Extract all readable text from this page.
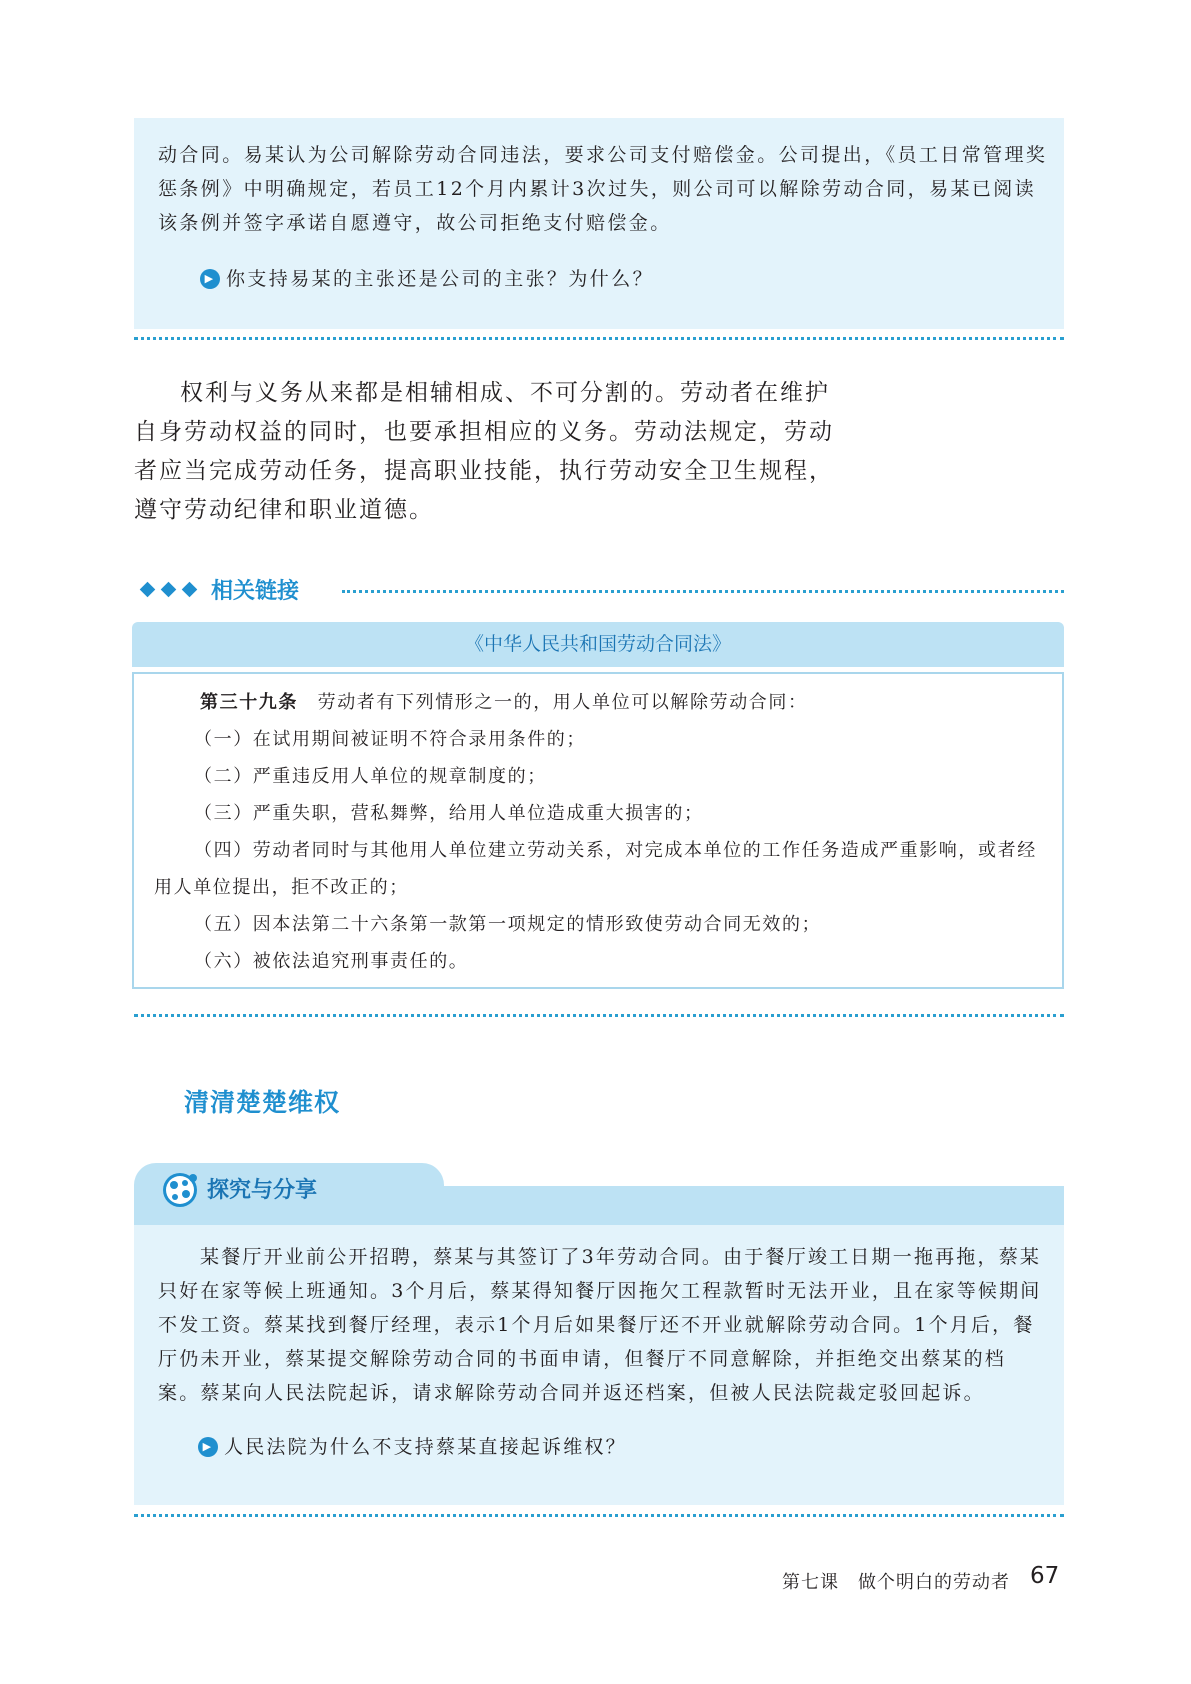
动合同。易某认为公司解除劳动合同违法，要求公司支付赔偿金。公司提出，《员工日常管理奖惩条例》中明确规定，若员工12个月内累计3次过失，则公司可以解除劳动合同，易某已阅读该条例并签字承诺自愿遵守，故公司拒绝支付赔偿金。
▶ 你支持易某的主张还是公司的主张？为什么？
权利与义务从来都是相辅相成、不可分割的。劳动者在维护自身劳动权益的同时，也要承担相应的义务。劳动法规定，劳动者应当完成劳动任务，提高职业技能，执行劳动安全卫生规程，遵守劳动纪律和职业道德。
相关链接
《中华人民共和国劳动合同法》
第三十九条　 劳动者有下列情形之一的，用人单位可以解除劳动合同：
（一）在试用期间被证明不符合录用条件的；
（二）严重违反用人单位的规章制度的；
（三）严重失职，营私舞弊，给用人单位造成重大损害的；
（四）劳动者同时与其他用人单位建立劳动关系，对完成本单位的工作任务造成严重影响，或者经用人单位提出，拒不改正的；
（五）因本法第二十六条第一款第一项规定的情形致使劳动合同无效的；
（六）被依法追究刑事责任的。
清清楚楚维权
探究与分享
某餐厅开业前公开招聘，蔡某与其签订了3年劳动合同。由于餐厅竣工日期一拖再拖，蔡某只好在家等候上班通知。3个月后，蔡某得知餐厅因拖欠工程款暂时无法开业，且在家等候期间不发工资。蔡某找到餐厅经理，表示1个月后如果餐厅还不开业就解除劳动合同。1个月后，餐厅仍未开业，蔡某提交解除劳动合同的书面申请，但餐厅不同意解除，并拒绝交出蔡某的档案。蔡某向人民法院起诉，请求解除劳动合同并返还档案，但被人民法院裁定驳回起诉。
▶ 人民法院为什么不支持蔡某直接起诉维权？
第七课　做个明白的劳动者 67
